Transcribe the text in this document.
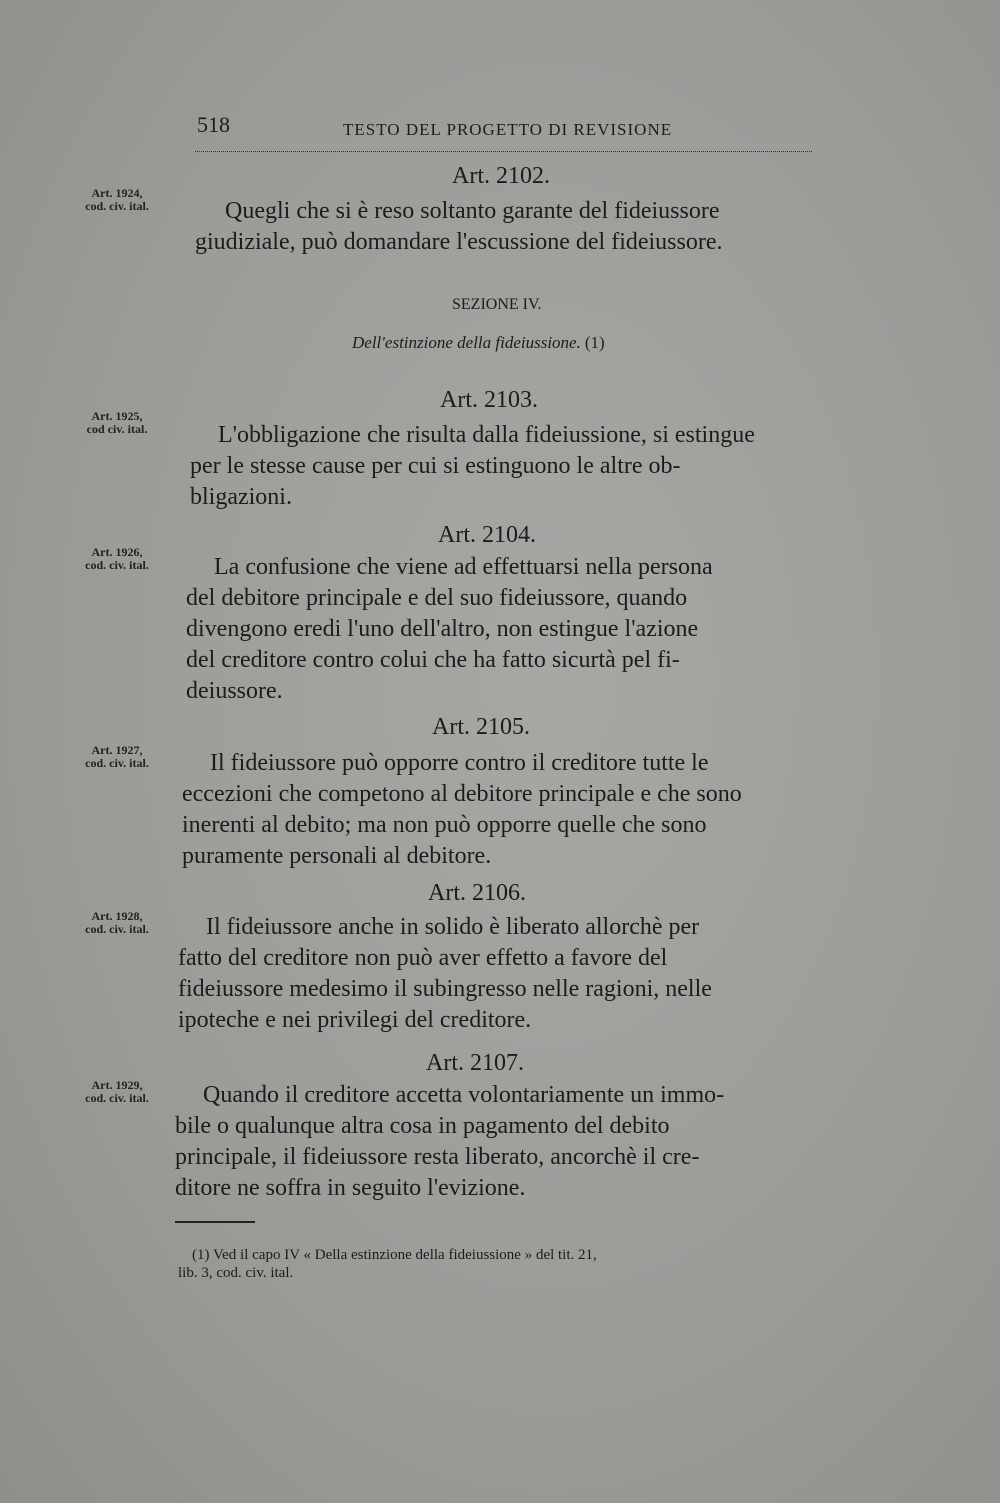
518	TESTO DEL PROGETTO DI REVISIONE
Art. 2102.
Art. 1924,
cod. civ. ital.	Quegli che si è reso soltanto garante del fideiussore
giudiziale, può domandare l'escussione del fideiussore.
SEZIONE IV.
Dell'estinzione della fideiussione. (1)
Art. 2103.
Art. 1925,
cod civ. ital.	L'obbligazione che risulta dalla fideiussione, si estingue
per le stesse cause per cui si estinguono le altre ob-
bligazioni.
Art. 2104.
Art. 1926,
cod. civ. ital.	La confusione che viene ad effettuarsi nella persona
del debitore principale e del suo fideiussore, quando
divengono eredi l'uno dell'altro, non estingue l'azione
del creditore contro colui che ha fatto sicurtà pel fi-
deiussore.
Art. 2105.
Art. 1927,
cod. civ. ital.	Il fideiussore può opporre contro il creditore tutte le
eccezioni che competono al debitore principale e che sono
inerenti al debito; ma non può opporre quelle che sono
puramente personali al debitore.
Art. 2106.
Art. 1928,
cod. civ. ital.	Il fideiussore anche in solido è liberato allorchè per
fatto del creditore non può aver effetto a favore del
fideiussore medesimo il subingresso nelle ragioni, nelle
ipoteche e nei privilegi del creditore.
Art. 2107.
Art. 1929,
cod. civ. ital.	Quando il creditore accetta volontariamente un immo-
bile o qualunque altra cosa in pagamento del debito
principale, il fideiussore resta liberato, ancorchè il cre-
ditore ne soffra in seguito l'evizione.
(1) Ved il capo IV « Della estinzione della fideiussione » del tit. 21,
lib. 3, cod. civ. ital.
